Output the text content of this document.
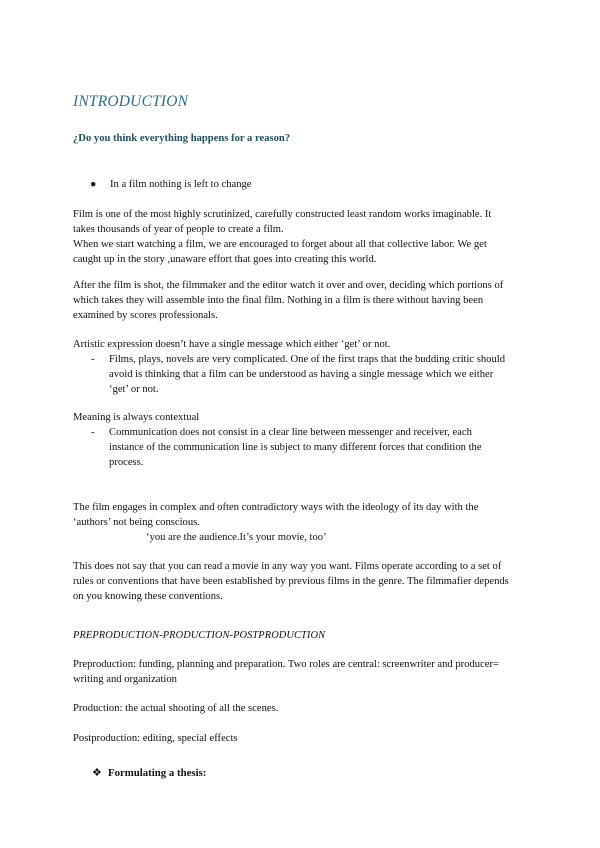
INTRODUCTION
¿Do you think everything happens for a reason?
● In a film nothing is left to change

Film is one of the most highly scrutinized, carefully constructed least random works imaginable. It

takes thousands of year of people to create a film.

When we start watching a film, we are encouraged to forget about all that collective labor. We get

caught up in the story ,unaware effort that goes into creating this world.

After the film is shot, the filmmaker and the editor watch it over and over, deciding which portions of

which takes they will assemble into the final film. Nothing in a film is there without having been

examined by scores professionals.

Artistic expression doesn’t have a single message which either ‘get’ or not.

- Films, plays, novels are very complicated. One of the first traps that the budding critic should

avoid is thinking that a film can be understood as having a single message which we either

‘get’ or not.

Meaning is always contextual

- Communication does not consist in a clear line between messenger and receiver, each

instance of the communication line is subject to many different forces that condition the

process.

The film engages in complex and often contradictory ways with the ideology of its day with the

‘authors’ not being conscious.

‘you are the audience.It’s your movie, too’

This does not say that you can read a movie in any way you want. Films operate according to a set of

rules or conventions that have been established by previous films in the genre. The filmmafier depends

on you knowing these conventions.

PREPRODUCTION-PRODUCTION-POSTPRODUCTION

Preproduction: funding, planning and preparation. Two roles are central: screenwriter and producer=

writing and organization

Production: the actual shooting of all the scenes.
Postproduction: editing, special effects
❖ Formulating a thesis:
